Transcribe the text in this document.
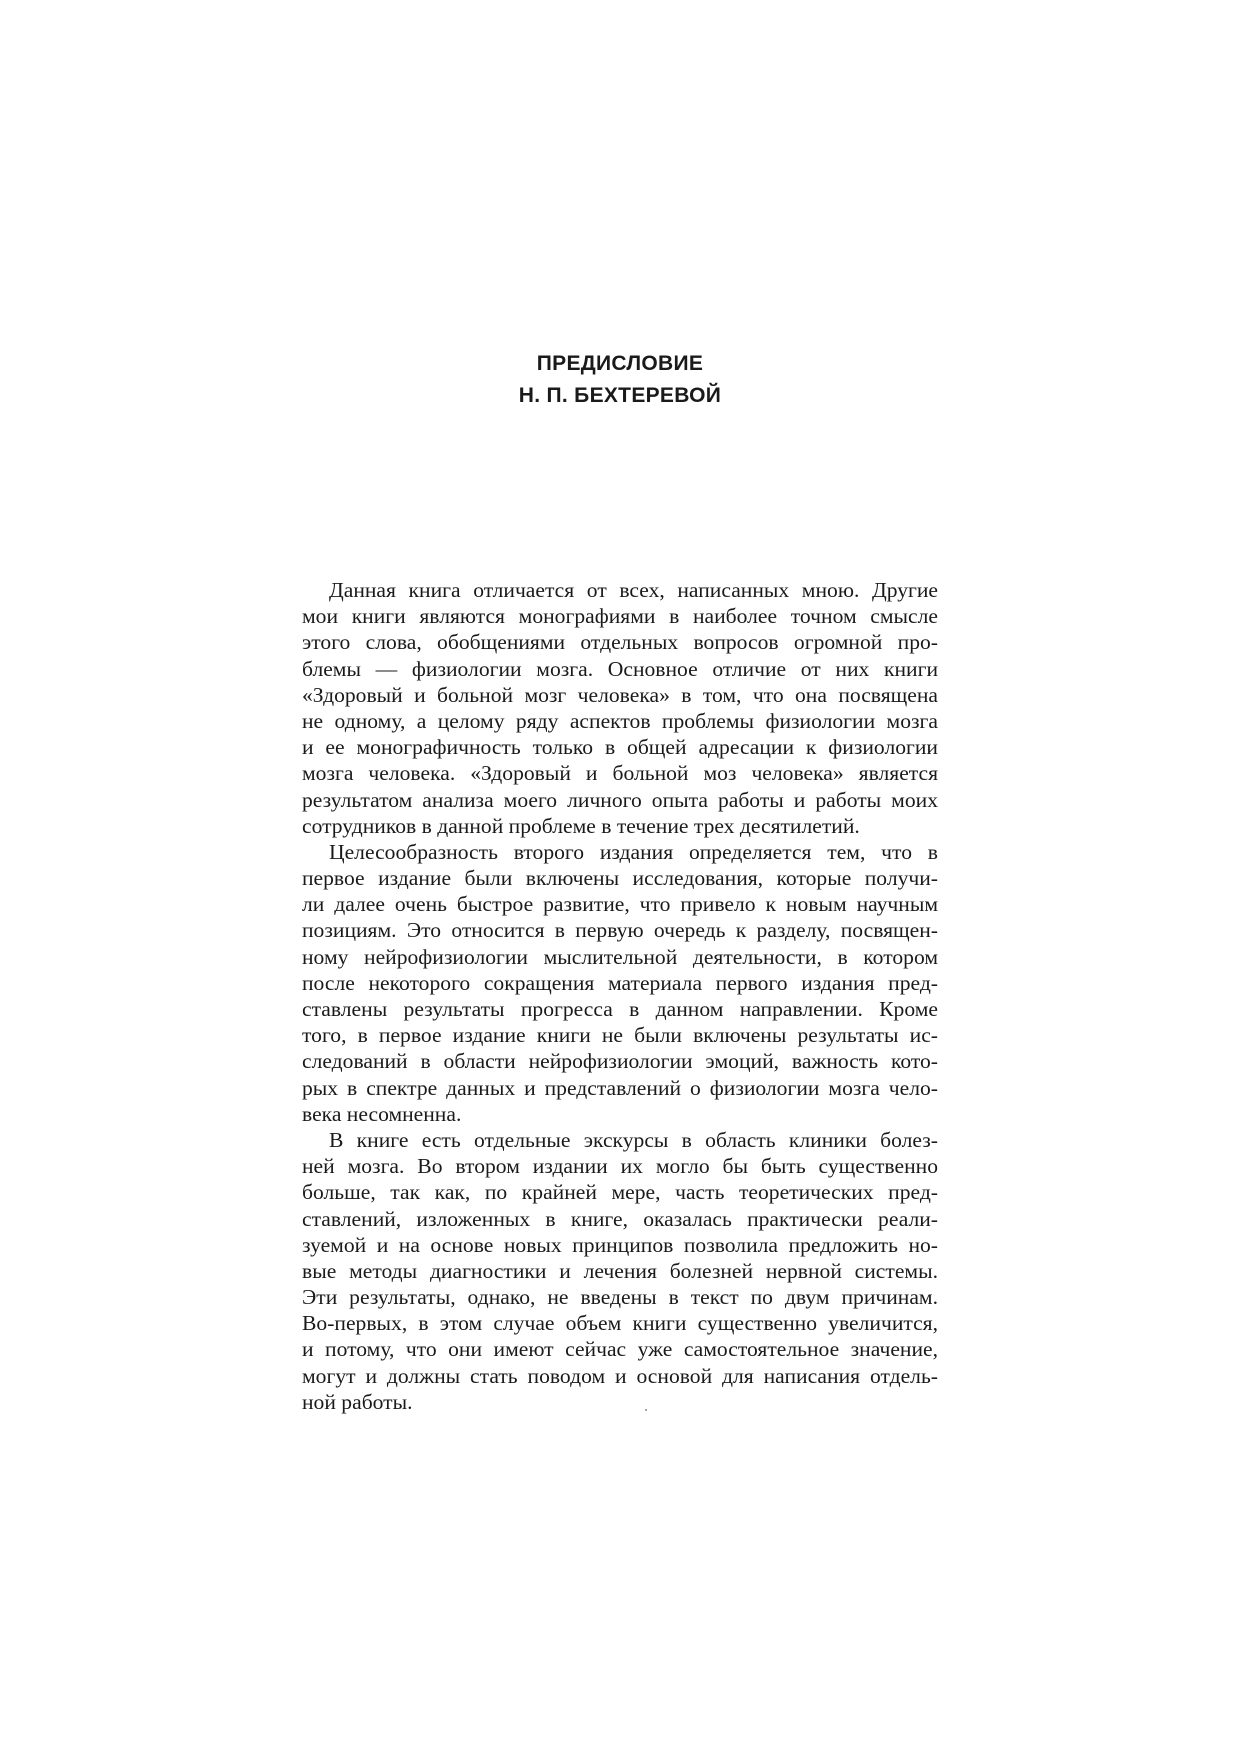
ПРЕДИСЛОВИЕ
Н. П. БЕХТЕРЕВОЙ
Данная книга отличается от всех, написанных мною. Другие
мои книги являются монографиями в наиболее точном смысле
этого слова, обобщениями отдельных вопросов огромной про-
блемы — физиологии мозга. Основное отличие от них книги
«Здоровый и больной мозг человека» в том, что она посвящена
не одному, а целому ряду аспектов проблемы физиологии мозга
и ее монографичность только в общей адресации к физиологии
мозга человека. «Здоровый и больной моз человека» является
результатом анализа моего личного опыта работы и работы моих
сотрудников в данной проблеме в течение трех десятилетий.
Целесообразность второго издания определяется тем, что в
первое издание были включены исследования, которые получи-
ли далее очень быстрое развитие, что привело к новым научным
позициям. Это относится в первую очередь к разделу, посвящен-
ному нейрофизиологии мыслительной деятельности, в котором
после некоторого сокращения материала первого издания пред-
ставлены результаты прогресса в данном направлении. Кроме
того, в первое издание книги не были включены результаты ис-
следований в области нейрофизиологии эмоций, важность кото-
рых в спектре данных и представлений о физиологии мозга чело-
века несомненна.
В книге есть отдельные экскурсы в область клиники болез-
ней мозга. Во втором издании их могло бы быть существенно
больше, так как, по крайней мере, часть теоретических пред-
ставлений, изложенных в книге, оказалась практически реали-
зуемой и на основе новых принципов позволила предложить но-
вые методы диагностики и лечения болезней нервной системы.
Эти результаты, однако, не введены в текст по двум причинам.
Во-первых, в этом случае объем книги существенно увеличится,
и потому, что они имеют сейчас уже самостоятельное значение,
могут и должны стать поводом и основой для написания отдель-
ной работы.
